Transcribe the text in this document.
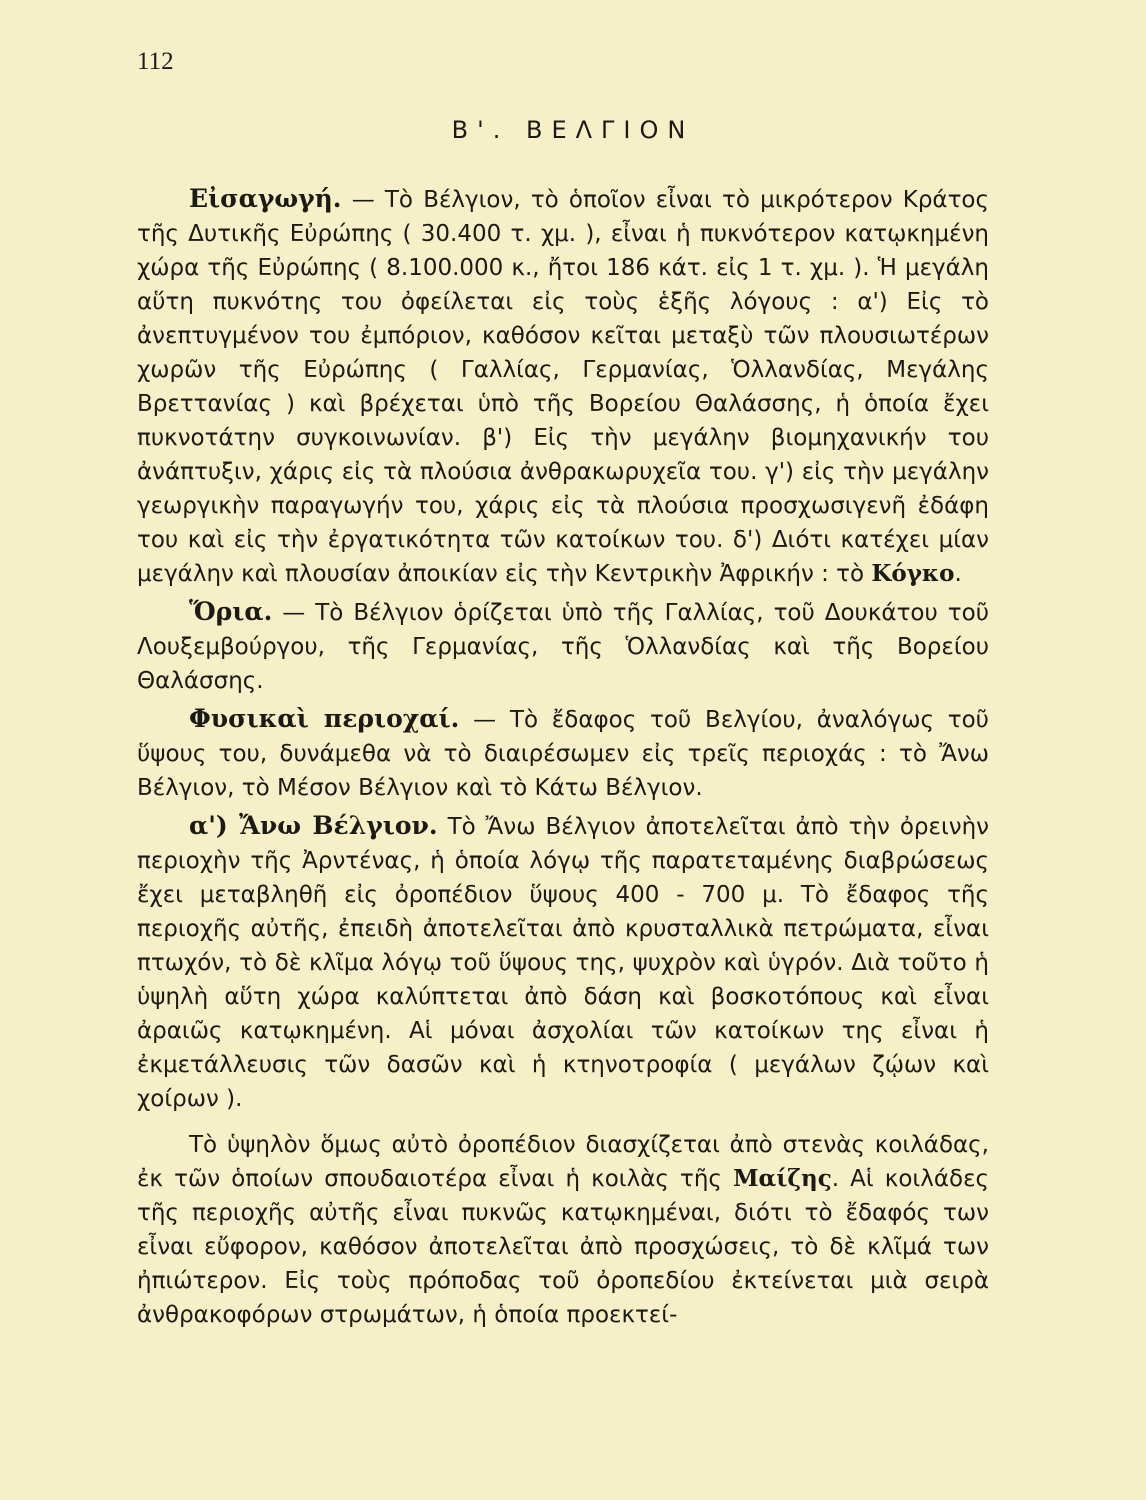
112
Β'. ΒΕΛΓΙΟΝ

Εἰσαγωγή. — Τὸ Βέλγιον, τὸ ὁποῖον εἶναι τὸ μικρότερον Κράτος τῆς Δυτικῆς Εὐρώπης ( 30.400 τ. χμ. ), εἶναι ἡ πυκνότερον κατῳκημένη χώρα τῆς Εὐρώπης ( 8.100.000 κ., ἤτοι 186 κάτ. εἰς 1 τ. χμ. ). Ἡ μεγάλη αὕτη πυκνότης του ὀφείλεται εἰς τοὺς ἑξῆς λόγους : α') Εἰς τὸ ἀνεπτυγμένον του ἐμπόριον, καθόσον κεῖται μεταξὺ τῶν πλουσιωτέρων χωρῶν τῆς Εὐρώπης ( Γαλλίας, Γερμανίας, Ὁλλανδίας, Μεγάλης Βρεττανίας ) καὶ βρέχεται ὑπὸ τῆς Βορείου Θαλάσσης, ἡ ὁποία ἔχει πυκνοτάτην συγκοινωνίαν. β') Εἰς τὴν μεγάλην βιομηχανικήν του ἀνάπτυξιν, χάρις εἰς τὰ πλούσια ἀνθρακωρυχεῖα του. γ') εἰς τὴν μεγάλην γεωργικὴν παραγωγήν του, χάρις εἰς τὰ πλούσια προσχωσιγενῆ ἐδάφη του καὶ εἰς τὴν ἐργατικότητα τῶν κατοίκων του. δ') Διότι κατέχει μίαν μεγάλην καὶ πλουσίαν ἀποικίαν εἰς τὴν Κεντρικὴν Ἀφρικήν : τὸ Κόγκο.

Ὅρια. — Τὸ Βέλγιον ὁρίζεται ὑπὸ τῆς Γαλλίας, τοῦ Δουκάτου τοῦ Λουξεμβούργου, τῆς Γερμανίας, τῆς Ὁλλανδίας καὶ τῆς Βορείου Θαλάσσης.

Φυσικαὶ περιοχαί. — Τὸ ἔδαφος τοῦ Βελγίου, ἀναλόγως τοῦ ὕψους του, δυνάμεθα νὰ τὸ διαιρέσωμεν εἰς τρεῖς περιοχάς : τὸ Ἄνω Βέλγιον, τὸ Μέσον Βέλγιον καὶ τὸ Κάτω Βέλγιον.

α') Ἄνω Βέλγιον. Τὸ Ἄνω Βέλγιον ἀποτελεῖται ἀπὸ τὴν ὀρεινὴν περιοχὴν τῆς Ἀρντένας, ἡ ὁποία λόγῳ τῆς παρατεταμένης διαβρώσεως ἔχει μεταβληθῆ εἰς ὀροπέδιον ὕψους 400 - 700 μ. Τὸ ἔδαφος τῆς περιοχῆς αὐτῆς, ἐπειδὴ ἀποτελεῖται ἀπὸ κρυσταλλικὰ πετρώματα, εἶναι πτωχόν, τὸ δὲ κλῖμα λόγῳ τοῦ ὕψους της, ψυχρὸν καὶ ὑγρόν. Διὰ τοῦτο ἡ ὑψηλὴ αὕτη χώρα καλύπτεται ἀπὸ δάση καὶ βοσκοτόπους καὶ εἶναι ἀραιῶς κατῳκημένη. Αἱ μόναι ἀσχολίαι τῶν κατοίκων της εἶναι ἡ ἐκμετάλλευσις τῶν δασῶν καὶ ἡ κτηνοτροφία ( μεγάλων ζῴων καὶ χοίρων ).

Τὸ ὑψηλὸν ὅμως αὐτὸ ὀροπέδιον διασχίζεται ἀπὸ στενὰς κοιλάδας, ἐκ τῶν ὁποίων σπουδαιοτέρα εἶναι ἡ κοιλὰς τῆς Μαίζης. Αἱ κοιλάδες τῆς περιοχῆς αὐτῆς εἶναι πυκνῶς κατῳκημέναι, διότι τὸ ἔδαφός των εἶναι εὔφορον, καθόσον ἀποτελεῖται ἀπὸ προσχώσεις, τὸ δὲ κλῖμά των ἠπιώτερον. Εἰς τοὺς πρόποδας τοῦ ὀροπεδίου ἐκτείνεται μιὰ σειρὰ ἀνθρακοφόρων στρωμάτων, ἡ ὁποία προεκτεί-
